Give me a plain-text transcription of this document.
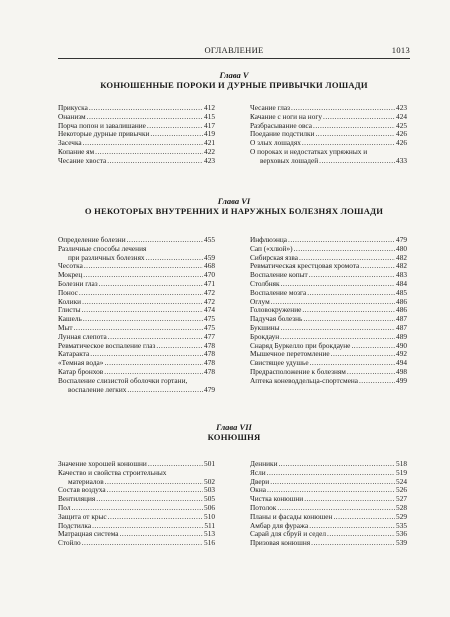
ОГЛАВЛЕНИЕ	1013
Глава V
КОНЮШЕННЫЕ ПОРОКИ И ДУРНЫЕ ПРИВЫЧКИ ЛОШАДИ
Прикуска .....	412
Онанизм .....	415
Порча попон и завалишание .....	417
Некоторые дурные привычки .....	419
Засечка .....	421
Копание ям .....	422
Чесание хвоста .....	423
Чесание глаз .....	423
Качание с ноги на ногу .....	424
Разбрасывание овса .....	425
Поедание подстилки .....	426
О злых лошадях .....	426
О пороках и недостатках упряжных и
верховых лошадей .....	433
Глава VI
О НЕКОТОРЫХ ВНУТРЕННИХ И НАРУЖНЫХ БОЛЕЗНЯХ ЛОШАДИ
Определение болезни .....	455
Различные способы лечения
при различных болезнях .....	459
Чесотка .....	468
Мокрец .....	470
Болезни глаз .....	471
Понос .....	472
Колики .....	472
Глисты .....	474
Кашель .....	475
Мыт .....	475
Лунная слепота .....	477
Ревматическое воспаление глаз .....	478
Катаракта .....	478
«Темная вода» .....	478
Катар бронхов .....	478
Воспаление слизистой оболочки гортани,
воспаление легких .....	479
Инфлюэнца .....	479
Сап («хлюй») .....	480
Сибирская язва .....	482
Ревматическая крестцовая хромота .....	482
Воспаление копыт .....	483
Столбняк .....	484
Воспаление мозга .....	485
Оглум .....	486
Головокружение .....	486
Падучая болезнь .....	487
Букшины .....	487
Брокдаун .....	489
Снаряд Буркелло при брокдауне .....	490
Мышечное перетомление .....	492
Свистящее удушье .....	494
Предрасположение к болезням .....	498
Аптека коневоддельца-спортсмена .....	499
Глава VII
КОНЮШНЯ
Значение хорошей конюшни .....	501
Качество и свойства строительных
материалов .....	502
Состав воздуха .....	503
Вентиляция .....	505
Пол .....	506
Защита от крыс .....	510
Подстилка .....	511
Матрацная система .....	513
Стойло .....	516
Денники .....	518
Ясли .....	519
Двери .....	524
Окна .....	526
Чистка конюшни .....	527
Потолок .....	528
Планы и фасады конюшен .....	529
Амбар для фуража .....	535
Сарай для сбруй и седел .....	536
Призовая конюшня .....	539
